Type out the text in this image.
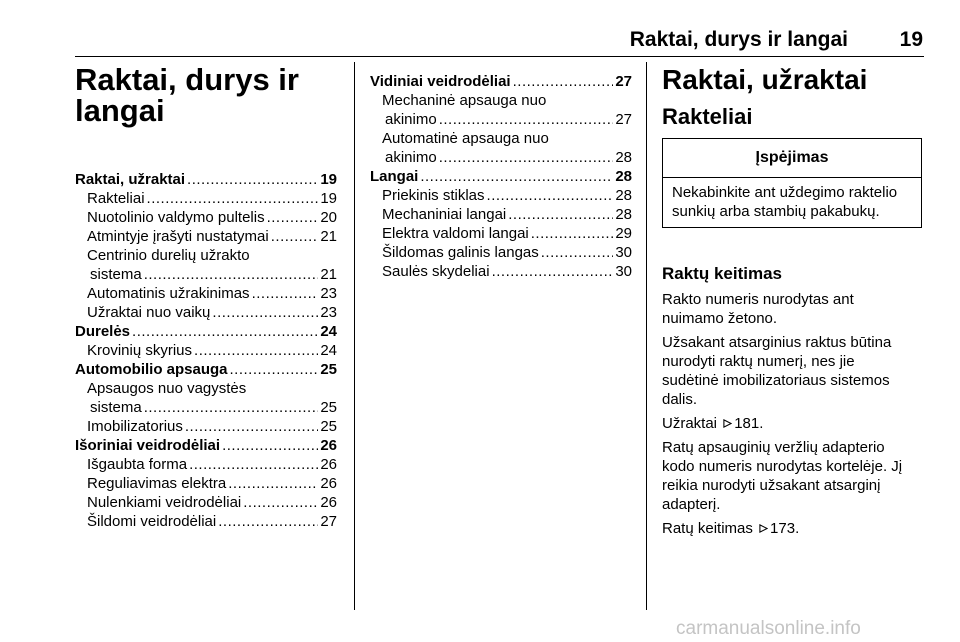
Raktai, durys ir langai 19
Raktai, durys ir
langai
Raktai, užraktai .....	19
Rakteliai .....	19
Nuotolinio valdymo pultelis .....	20
Atmintyje įrašyti nustatymai .....	21
Centrinio durelių užrakto
sistema .....	21
Automatinis užrakinimas .....	23
Užraktai nuo vaikų .....	23
Durelės .....	24
Krovinių skyrius .....	24
Automobilio apsauga .....	25
Apsaugos nuo vagystės
sistema .....	25
Imobilizatorius .....	25
Išoriniai veidrodėliai .....	26
Išgaubta forma .....	26
Reguliavimas elektra .....	26
Nulenkiami veidrodėliai .....	26
Šildomi veidrodėliai .....	27
Vidiniai veidrodėliai .....	27
Mechaninė apsauga nuo
akinimo .....	27
Automatinė apsauga nuo
akinimo .....	28
Langai .....	28
Priekinis stiklas .....	28
Mechaniniai langai .....	28
Elektra valdomi langai .....	29
Šildomas galinis langas .....	30
Saulės skydeliai .....	30
Raktai, užraktai
Rakteliai
Įspėjimas
Nekabinkite ant uždegimo raktelio
sunkių arba stambių pakabukų.
Raktų keitimas
Rakto numeris nurodytas ant
nuimamo žetono.
Užsakant atsarginius raktus būtina
nurodyti raktų numerį, nes jie
sudėtinė imobilizatoriaus sistemos
dalis.
Užraktai 181.
Ratų apsauginių veržlių adapterio
kodo numeris nurodytas kortelėje. Jį
reikia nurodyti užsakant atsarginį
adapterį.
Ratų keitimas 173.
carmanualsonline.info
